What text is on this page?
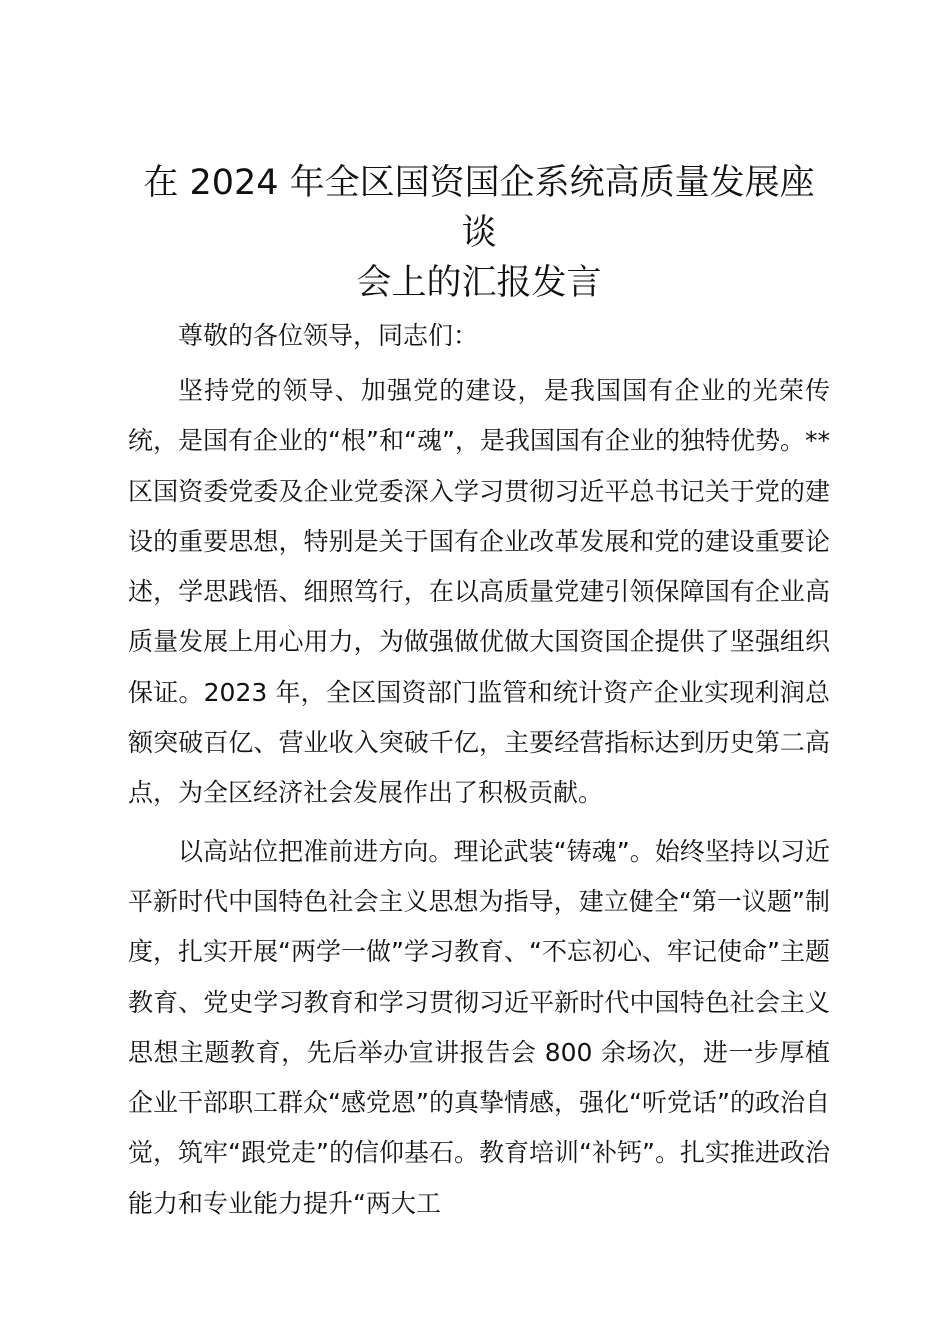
在 2024 年全区国资国企系统高质量发展座谈
会上的汇报发言

尊敬的各位领导，同志们：

坚持党的领导、加强党的建设，是我国国有企业的光荣传统，是国有企业的“根”和“魂”，是我国国有企业的独特优势。**区国资委党委及企业党委深入学习贯彻习近平总书记关于党的建设的重要思想，特别是关于国有企业改革发展和党的建设重要论述，学思践悟、细照笃行，在以高质量党建引领保障国有企业高质量发展上用心用力，为做强做优做大国资国企提供了坚强组织保证。2023 年，全区国资部门监管和统计资产企业实现利润总额突破百亿、营业收入突破千亿，主要经营指标达到历史第二高点，为全区经济社会发展作出了积极贡献。

以高站位把准前进方向。理论武装“铸魂”。始终坚持以习近平新时代中国特色社会主义思想为指导，建立健全“第一议题”制度，扎实开展“两学一做”学习教育、“不忘初心、牢记使命”主题教育、党史学习教育和学习贯彻习近平新时代中国特色社会主义思想主题教育，先后举办宣讲报告会 800 余场次，进一步厚植企业干部职工群众“感党恩”的真挚情感，强化“听党话”的政治自觉，筑牢“跟党走”的信仰基石。教育培训“补钙”。扎实推进政治能力和专业能力提升“两大工
